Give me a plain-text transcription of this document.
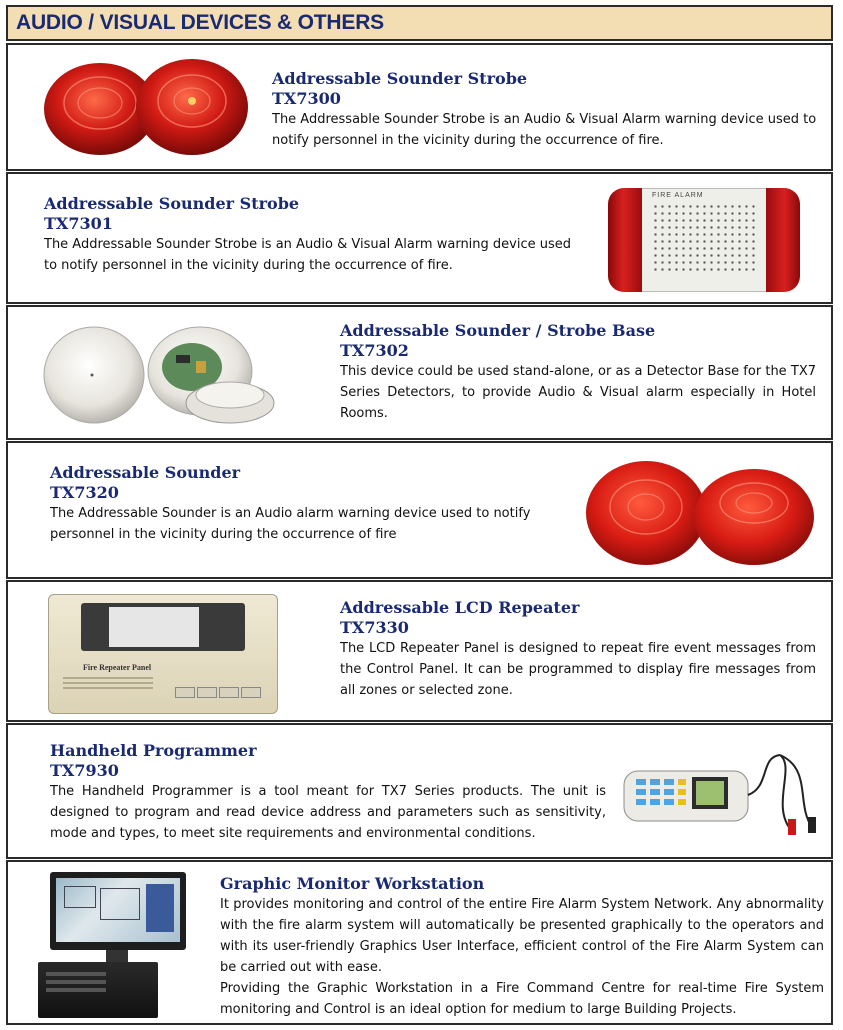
AUDIO / VISUAL DEVICES & OTHERS
Addressable Sounder Strobe
TX7300
The Addressable Sounder Strobe is an Audio & Visual Alarm warning device used to notify personnel in the vicinity during the occurrence of fire.
Addressable Sounder Strobe
TX7301
The Addressable Sounder Strobe is an Audio & Visual Alarm warning device used to notify personnel in the vicinity during the occurrence of fire.
FIRE ALARM
Addressable Sounder / Strobe Base
TX7302
This device could be used stand-alone, or as a Detector Base for the TX7 Series Detectors, to provide Audio & Visual alarm especially in Hotel Rooms.
Addressable Sounder
TX7320
The Addressable Sounder is an Audio alarm warning device used to notify personnel in the vicinity during the occurrence of fire
Fire Repeater Panel
Addressable LCD Repeater
TX7330
The LCD Repeater Panel is designed to repeat fire event messages from the Control Panel. It can be programmed to display fire messages from all zones or selected zone.
Handheld Programmer
TX7930
The Handheld Programmer is a tool meant for TX7 Series products. The unit is designed to program and read device address and parameters such as sensitivity, mode and types, to meet site requirements and environmental conditions.
Graphic Monitor Workstation
It provides monitoring and control of the entire Fire Alarm System Network. Any abnormality with the fire alarm system will automatically be presented graphically to the operators and with its user-friendly Graphics User Interface, efficient control of the Fire Alarm System can be carried out with ease.
Providing the Graphic Workstation in a Fire Command Centre for real-time Fire System monitoring and Control is an ideal option for medium to large Building Projects.
